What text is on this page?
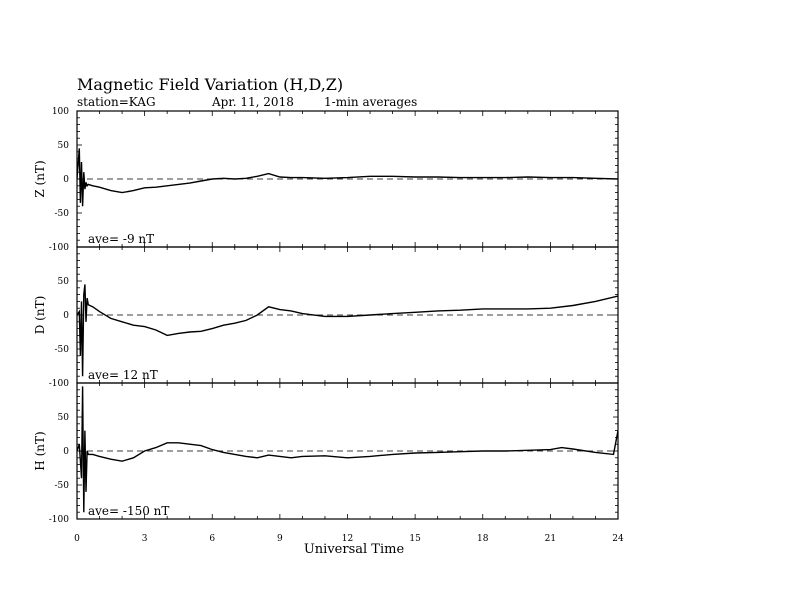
Magnetic Field Variation (H,D,Z)
station=KAG	Apr. 11, 2018	1-min averages
100
50
0
-50
-100
Z (nT)
ave= -9 nT
50
0
-50
-100
D (nT)
ave= 12 nT
50
0
-50
-100
H (nT)
ave= -150 nT
0	3	6	9	12	15	18	21	24
Universal Time
